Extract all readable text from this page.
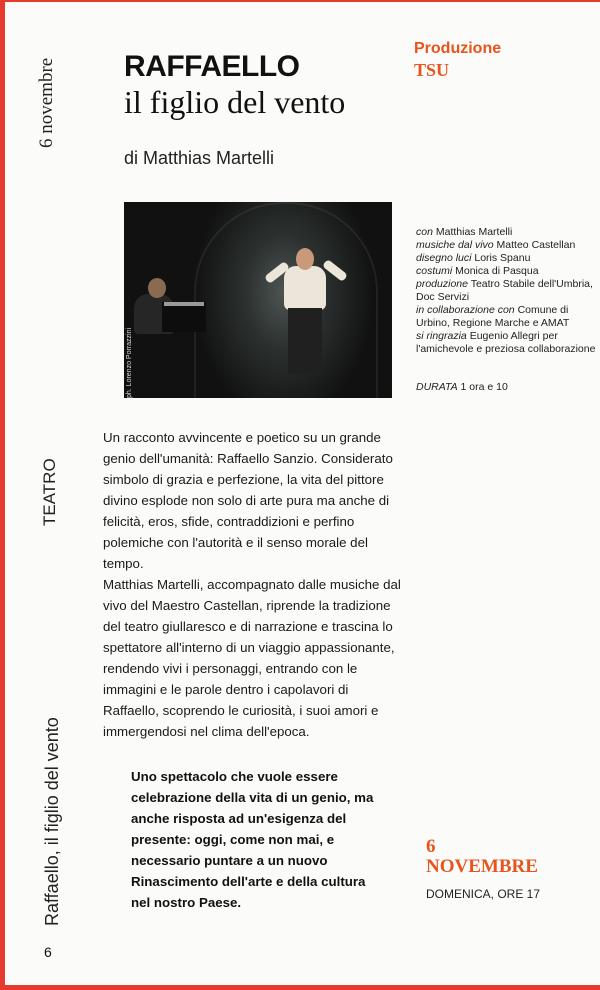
6 novembre
TEATRO
Raffaello, il figlio del vento
RAFFAELLO
il figlio del vento
di Matthias Martelli
Produzione
TSU
ph. Lorenzo Porrazzini
con Matthias Martelli
musiche dal vivo Matteo Castellan
disegno luci Loris Spanu
costumi Monica di Pasqua
produzione Teatro Stabile dell'Umbria, Doc Servizi
in collaborazione con Comune di Urbino, Regione Marche e AMAT
si ringrazia Eugenio Allegri per l'amichevole e preziosa collaborazione
DURATA 1 ora e 10

Un racconto avvincente e poetico su un grande genio dell'umanità: Raffaello Sanzio. Considerato simbolo di grazia e perfezione, la vita del pittore divino esplode non solo di arte pura ma anche di felicità, eros, sfide, contraddizioni e perfino polemiche con l'autorità e il senso morale del tempo.

Matthias Martelli, accompagnato dalle musiche dal vivo del Maestro Castellan, riprende la tradizione del teatro giullaresco e di narrazione e trascina lo spettatore all'interno di un viaggio appassionante, rendendo vivi i personaggi, entrando con le immagini e le parole dentro i capolavori di Raffaello, scoprendo le curiosità, i suoi amori e immergendosi nel clima dell'epoca.

Uno spettacolo che vuole essere celebrazione della vita di un genio, ma anche risposta ad un'esigenza del presente: oggi, come non mai, e necessario puntare a un nuovo Rinascimento dell'arte e della cultura nel nostro Paese.
6
NOVEMBRE
DOMENICA, ORE 17
6
